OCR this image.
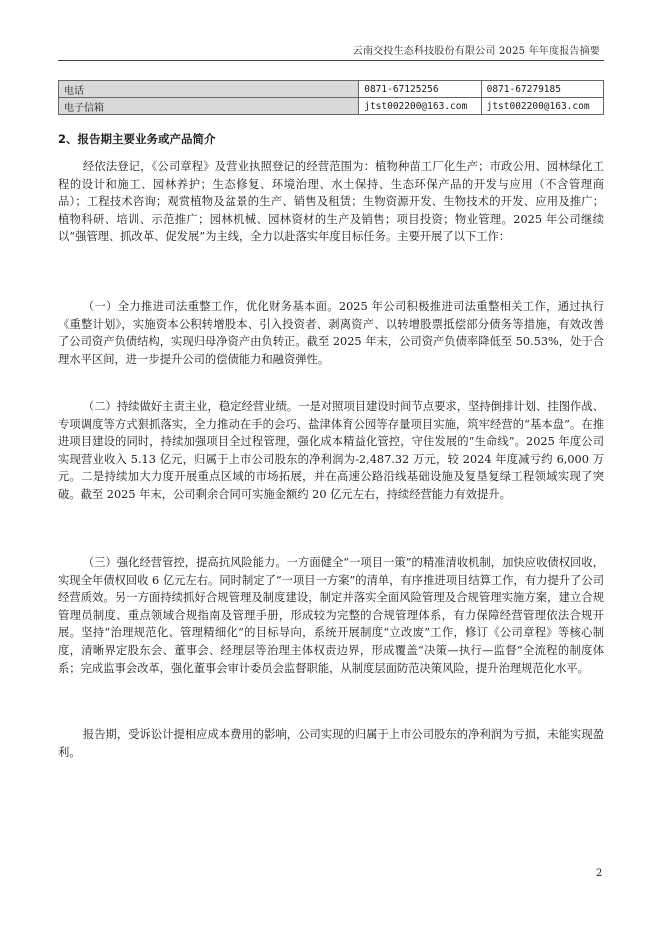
云南交投生态科技股份有限公司 2025 年年度报告摘要
电话	0871-67125256	0871-67279185
电子信箱	jtst002200@163.com	jtst002200@163.com
2、报告期主要业务或产品简介

经依法登记，《公司章程》及营业执照登记的经营范围为：植物种苗工厂化生产；市政公用、园林绿化工程的设计和施工、园林养护；生态修复、环境治理、水土保持、生态环保产品的开发与应用（不含管理商品）；工程技术咨询；观赏植物及盆景的生产、销售及租赁；生物资源开发、生物技术的开发、应用及推广；植物科研、培训、示范推广；园林机械、园林资材的生产及销售；项目投资；物业管理。2025 年公司继续以“强管理、抓改革、促发展”为主线，全力以赴落实年度目标任务。主要开展了以下工作：

（一）全力推进司法重整工作，优化财务基本面。2025 年公司积极推进司法重整相关工作，通过执行《重整计划》，实施资本公积转增股本、引入投资者、剥离资产、以转增股票抵偿部分债务等措施，有效改善了公司资产负债结构，实现归母净资产由负转正。截至 2025 年末，公司资产负债率降低至 50.53%，处于合理水平区间，进一步提升公司的偿债能力和融资弹性。

（二）持续做好主责主业，稳定经营业绩。一是对照项目建设时间节点要求，坚持倒排计划、挂图作战、专项调度等方式狠抓落实，全力推动在手的会巧、盐津体育公园等存量项目实施，筑牢经营的“基本盘”。在推进项目建设的同时，持续加强项目全过程管理，强化成本精益化管控，守住发展的“生命线”。2025 年度公司实现营业收入 5.13 亿元，归属于上市公司股东的净利润为-2,487.32 万元，较 2024 年度减亏约 6,000 万元。二是持续加大力度开展重点区域的市场拓展，并在高速公路沿线基础设施及复垦复绿工程领域实现了突破。截至 2025 年末，公司剩余合同可实施金额约 20 亿元左右，持续经营能力有效提升。

（三）强化经营管控，提高抗风险能力。一方面健全“一项目一策”的精准清收机制，加快应收债权回收，实现全年债权回收 6 亿元左右。同时制定了“一项目一方案”的清单，有序推进项目结算工作，有力提升了公司经营质效。另一方面持续抓好合规管理及制度建设，制定并落实全面风险管理及合规管理实施方案，建立合规管理员制度、重点领域合规指南及管理手册，形成较为完整的合规管理体系，有力保障经营管理依法合规开展。坚持“治理规范化、管理精细化”的目标导向，系统开展制度“立改废”工作，修订《公司章程》等核心制度，清晰界定股东会、董事会、经理层等治理主体权责边界，形成覆盖“决策—执行—监督”全流程的制度体系；完成监事会改革，强化董事会审计委员会监督职能，从制度层面防范决策风险，提升治理规范化水平。

报告期，受诉讼计提相应成本费用的影响，公司实现的归属于上市公司股东的净利润为亏损，未能实现盈利。

2
